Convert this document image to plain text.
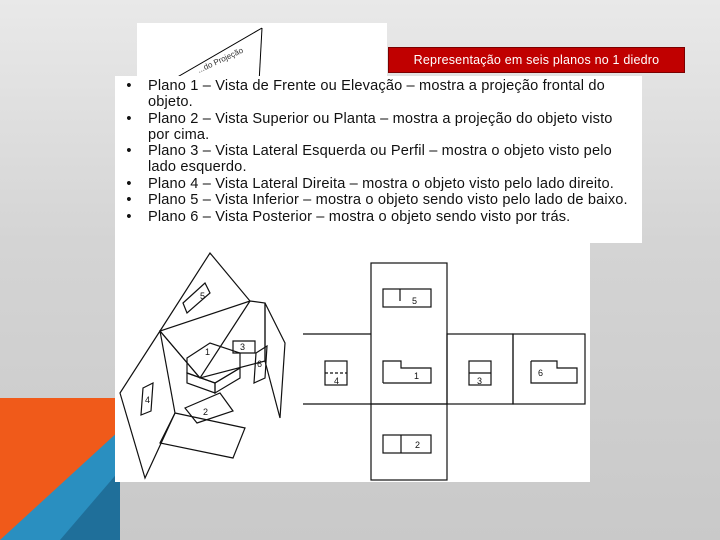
...do Projeção	Representação em seis planos no 1 diedro
•	Plano 1 – Vista de Frente ou Elevação – mostra a projeção frontal do objeto.
•	Plano 2 – Vista Superior ou Planta – mostra a projeção do objeto visto por cima.
•	Plano 3 – Vista Lateral Esquerda ou Perfil – mostra o objeto visto pelo lado esquerdo.
•	Plano 4 – Vista Lateral Direita – mostra o objeto visto pelo lado direito.
•	Plano 5 – Vista Inferior – mostra o objeto sendo visto pelo lado de baixo.
•	Plano 6 – Vista Posterior – mostra o objeto sendo visto por trás.
5
1
6
4
2
3
5
1
4	3
6
2
